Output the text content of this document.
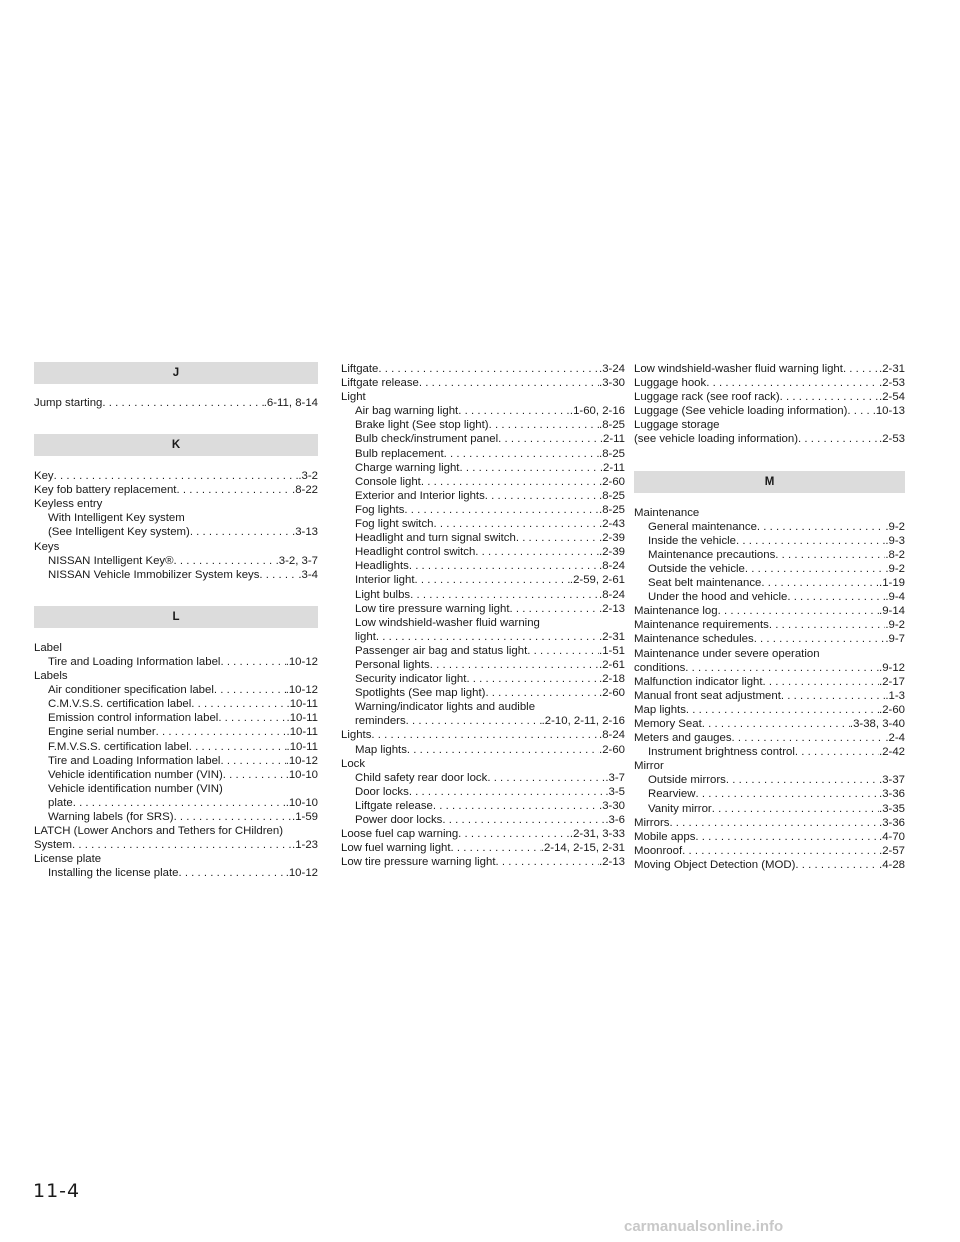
J
Jump starting .....	.6-11, 8-14
K
Key .....	.3-2
Key fob battery replacement .....	.8-22
Keyless entry
With Intelligent Key system
(See Intelligent Key system) .....	.3-13
Keys
NISSAN Intelligent Key® .....	.3-2, 3-7
NISSAN Vehicle Immobilizer System keys .....	.3-4
L
Label
Tire and Loading Information label .....	.10-12
Labels
Air conditioner specification label .....	.10-12
C.M.V.S.S. certification label .....	.10-11
Emission control information label .....	.10-11
Engine serial number .....	.10-11
F.M.V.S.S. certification label .....	.10-11
Tire and Loading Information label .....	.10-12
Vehicle identification number (VIN) .....	.10-10
Vehicle identification number (VIN)
plate .....	.10-10
Warning labels (for SRS) .....	.1-59
LATCH (Lower Anchors and Tethers for CHildren)
System .....	.1-23
License plate
Installing the license plate .....	.10-12
Liftgate .....	.3-24
Liftgate release .....	.3-30
Light
Air bag warning light .....	.1-60, 2-16
Brake light (See stop light) .....	.8-25
Bulb check/instrument panel .....	.2-11
Bulb replacement .....	.8-25
Charge warning light .....	.2-11
Console light .....	.2-60
Exterior and Interior lights .....	.8-25
Fog lights .....	.8-25
Fog light switch .....	.2-43
Headlight and turn signal switch .....	.2-39
Headlight control switch .....	.2-39
Headlights .....	.8-24
Interior light .....	.2-59, 2-61
Light bulbs .....	.8-24
Low tire pressure warning light .....	.2-13
Low windshield-washer fluid warning
light .....	.2-31
Passenger air bag and status light .....	.1-51
Personal lights .....	.2-61
Security indicator light .....	.2-18
Spotlights (See map light) .....	.2-60
Warning/indicator lights and audible
reminders .....	.2-10, 2-11, 2-16
Lights .....	.8-24
Map lights .....	.2-60
Lock
Child safety rear door lock .....	.3-7
Door locks .....	.3-5
Liftgate release .....	.3-30
Power door locks .....	.3-6
Loose fuel cap warning .....	.2-31, 3-33
Low fuel warning light .....	.2-14, 2-15, 2-31
Low tire pressure warning light .....	.2-13
Low windshield-washer fluid warning light .....	.2-31
Luggage hook .....	.2-53
Luggage rack (see roof rack) .....	.2-54
Luggage (See vehicle loading information) ..... .10-13
Luggage storage
(see vehicle loading information) .....	.2-53
M
Maintenance
General maintenance .....	.9-2
Inside the vehicle .....	.9-3
Maintenance precautions .....	.8-2
Outside the vehicle .....	.9-2
Seat belt maintenance .....	.1-19
Under the hood and vehicle .....	.9-4
Maintenance log .....	.9-14
Maintenance requirements .....	.9-2
Maintenance schedules .....	.9-7
Maintenance under severe operation
conditions .....	.9-12
Malfunction indicator light .....	.2-17
Manual front seat adjustment .....	.1-3
Map lights .....	.2-60
Memory Seat .....	.3-38, 3-40
Meters and gauges .....	.2-4
Instrument brightness control .....	.2-42
Mirror
Outside mirrors .....	.3-37
Rearview .....	.3-36
Vanity mirror .....	.3-35
Mirrors .....	.3-36
Mobile apps .....	.4-70
Moonroof .....	.2-57
Moving Object Detection (MOD) .....	.4-28
11-4
carmanualsonline.info
